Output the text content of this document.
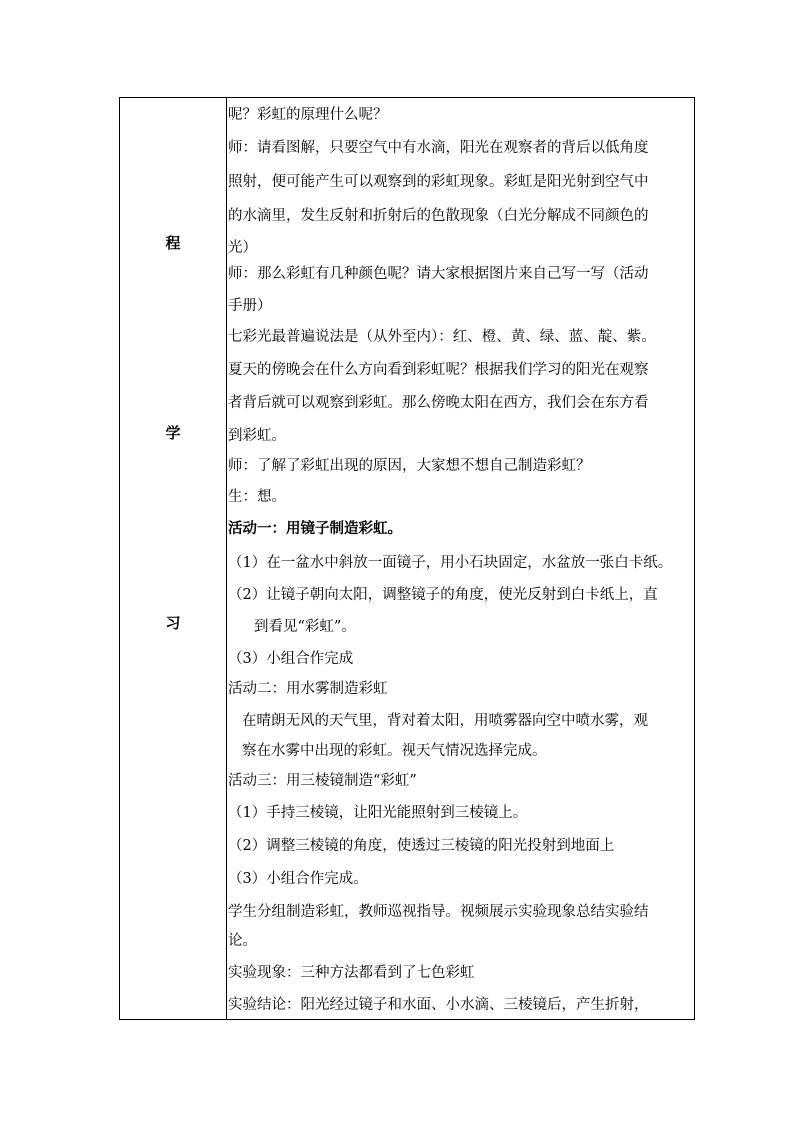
程
学
习
呢？彩虹的原理什么呢？
师：请看图解，只要空气中有水滴，阳光在观察者的背后以低角度
照射，便可能产生可以观察到的彩虹现象。彩虹是阳光射到空气中
的水滴里，发生反射和折射后的色散现象（白光分解成不同颜色的
光）
师：那么彩虹有几种颜色呢？请大家根据图片来自己写一写（活动
手册）
七彩光最普遍说法是（从外至内）：红、橙、黄、绿、蓝、靛、紫。
夏天的傍晚会在什么方向看到彩虹呢？根据我们学习的阳光在观察
者背后就可以观察到彩虹。那么傍晚太阳在西方，我们会在东方看
到彩虹。
师：了解了彩虹出现的原因，大家想不想自己制造彩虹？
生：想。
活动一：用镜子制造彩虹。
（1）在一盆水中斜放一面镜子，用小石块固定，水盆放一张白卡纸。
（2）让镜子朝向太阳，调整镜子的角度，使光反射到白卡纸上，直
到看见“彩虹”。
（3）小组合作完成
活动二：用水雾制造彩虹
在晴朗无风的天气里，背对着太阳，用喷雾器向空中喷水雾，观
察在水雾中出现的彩虹。视天气情况选择完成。
活动三：用三棱镜制造“彩虹”
（1）手持三棱镜，让阳光能照射到三棱镜上。
（2）调整三棱镜的角度，使透过三棱镜的阳光投射到地面上
（3）小组合作完成。
学生分组制造彩虹，教师巡视指导。视频展示实验现象总结实验结
论。
实验现象：三种方法都看到了七色彩虹
实验结论：阳光经过镜子和水面、小水滴、三棱镜后，产生折射，
